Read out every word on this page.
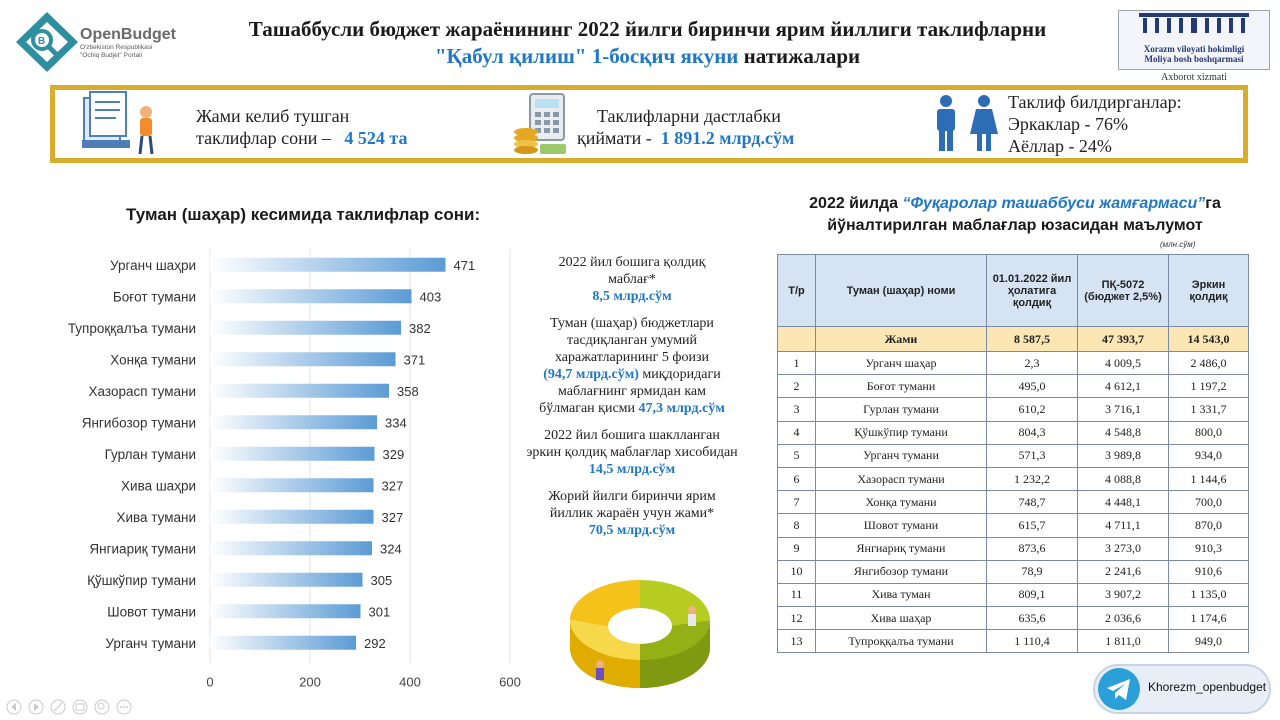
B OpenBudget
O'zbekiston Respublikasi
"Ochiq Budjet" Portali
Ташаббусли бюджет жараёнининг 2022 йилги биринчи ярим йиллиги таклифларни
"Қабул қилиш" 1-босқич якуни натижалари	Xorazm viloyati hokimligi
Moliya bosh boshqarmasi
Axborot xizmati
Жами келиб тушган
таклифлар сони – 4 524 та
Таклифларни дастлабки
қиймати - 1 891.2 млрд.сўм
Таклиф билдирганлар:
Эркаклар - 76%
Аёллар - 24%
Туман (шаҳар) кесимида таклифлар сони:
0	200	400	600
Урганч шаҳри	471
Боғот тумани	403
Тупроққалъа тумани	382
Хонқа тумани	371
Хазорасп тумани	358
Янгибозор тумани	334
Гурлан тумани	329
Хива шаҳри	327
Хива тумани	327
Янгиариқ тумани	324
Қўшкўпир тумани	305
Шовот тумани	301
Урганч тумани	292
2022 йил бошига қолдиқ
маблағ*
8,5 млрд.сўм
Туман (шаҳар) бюджетлари
тасдиқланган умумий
харажатларининг 5 фоизи
(94,7 млрд.сўм) миқдоридаги
маблағнинг ярмидан кам
бўлмаган қисми 47,3 млрд.сўм
2022 йил бошига шаклланган
эркин қолдиқ маблағлар хисобидан
14,5 млрд.сўм
Жорий йилги биринчи ярим
йиллик жараён учун жами*
70,5 млрд.сўм
2022 йилда “Фуқаролар ташаббуси жамғармаси”га
йўналтирилган маблағлар юзасидан маълумот
(млн.сўм)
Т/р	Туман (шаҳар) номи	01.01.2022 йил ҳолатига қолдиқ	ПҚ-5072 (бюджет 2,5%)	Эркин қолдиқ
	Жами	8 587,5	47 393,7	14 543,0
1	Урганч шаҳар	2,3	4 009,5	2 486,0
2	Боғот тумани	495,0	4 612,1	1 197,2
3	Гурлан тумани	610,2	3 716,1	1 331,7
4	Қўшкўпир тумани	804,3	4 548,8	800,0
5	Урганч тумани	571,3	3 989,8	934,0
6	Хазорасп тумани	1 232,2	4 088,8	1 144,6
7	Хонқа тумани	748,7	4 448,1	700,0
8	Шовот тумани	615,7	4 711,1	870,0
9	Янгиариқ тумани	873,6	3 273,0	910,3
10	Янгибозор тумани	78,9	2 241,6	910,6
11	Хива туман	809,1	3 907,2	1 135,0
12	Хива шаҳар	635,6	2 036,6	1 174,6
13	Тупроққалъа тумани	1 110,4	1 811,0	949,0
Khorezm_openbudget
